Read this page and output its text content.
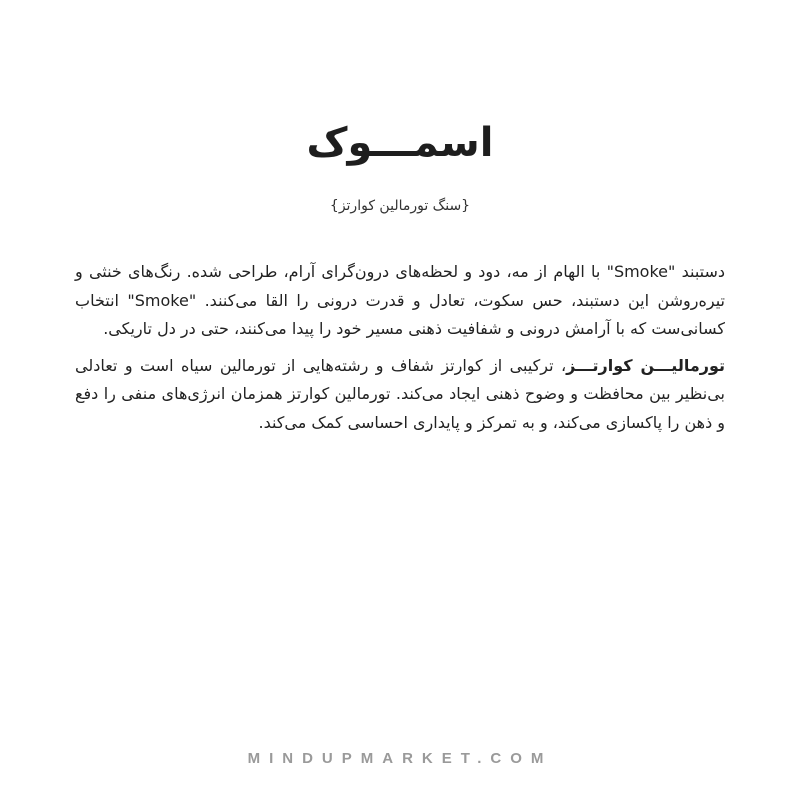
اسمـــوک
{سنگ تورمالین کوارتز}

دستبند "Smoke" با الهام از مه، دود و لحظه‌های درون‌گرای آرام، طراحی شده. رنگ‌های خنثی و تیره‌روشن این دستبند، حس سکوت، تعادل و قدرت درونی را القا می‌کنند. "Smoke" انتخاب کسانی‌ست که با آرامش درونی و شفافیت ذهنی مسیر خود را پیدا می‌کنند، حتی در دل تاریکی.

تورمالیـــن کوارتـــز، ترکیبی از کوارتز شفاف و رشته‌هایی از تورمالین سیاه است و تعادلی بی‌نظیر بین محافظت و وضوح ذهنی ایجاد می‌کند. تورمالین کوارتز همزمان انرژی‌های منفی را دفع و ذهن را پاکسازی می‌کند، و به تمرکز و پایداری احساسی کمک می‌کند.

MINDUPMARKET.COM
